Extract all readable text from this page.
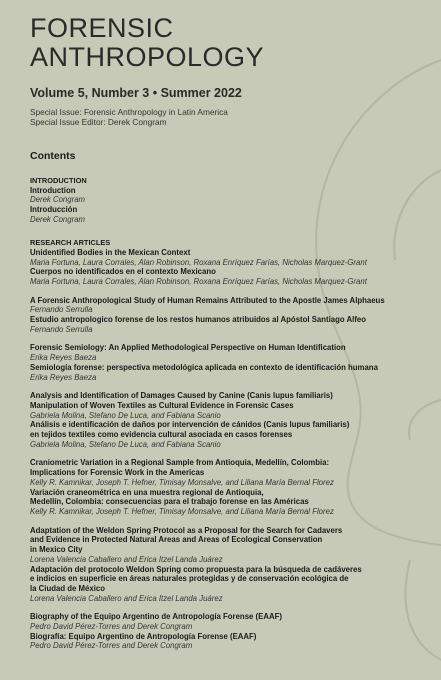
FORENSIC
ANTHROPOLOGY
Volume 5, Number 3 • Summer 2022
Special Issue: Forensic Anthropology in Latin America
Special Issue Editor: Derek Congram
Contents
INTRODUCTION
Introduction
Derek Congram
Introducción
Derek Congram
RESEARCH ARTICLES
Unidentified Bodies in the Mexican Context
Maria Fortuna, Laura Corrales, Alan Robinson, Roxana Enríquez Farías, Nicholas Marquez-Grant
Cuerpos no identificados en el contexto Mexicano
Maria Fortuna, Laura Corrales, Alan Robinson, Roxana Enríquez Farías, Nicholas Marquez-Grant
A Forensic Anthropological Study of Human Remains Attributed to the Apostle James Alphaeus
Fernando Serrulla
Estudio antropologico forense de los restos humanos atribuidos al Apóstol Santiago Alfeo
Fernando Serrulla
Forensic Semiology: An Applied Methodological Perspective on Human Identification
Erika Reyes Baeza
Semiología forense: perspectiva metodológica aplicada en contexto de identificación humana
Erika Reyes Baeza
Analysis and Identification of Damages Caused by Canine (Canis lupus familiaris)
Manipulation of Woven Textiles as Cultural Evidence in Forensic Cases
Gabriela Molina, Stefano De Luca, and Fabiana Scanio
Análisis e identificación de daños por intervención de cánidos (Canis lupus familiaris)
en tejidos textiles como evidencia cultural asociada en casos forenses
Gabriela Molina, Stefano De Luca, and Fabiana Scanio
Craniometric Variation in a Regional Sample from Antioquia, Medellín, Colombia:
Implications for Forensic Work in the Americas
Kelly R. Kamnikar, Joseph T. Hefner, Timisay Monsalve, and Liliana María Bernal Florez
Variación craneométrica en una muestra regional de Antioquia,
Medellín, Colombia: consecuencias para el trabajo forense en las Américas
Kelly R. Kamnikar, Joseph T. Hefner, Timisay Monsalve, and Liliana María Bernal Florez
Adaptation of the Weldon Spring Protocol as a Proposal for the Search for Cadavers
and Evidence in Protected Natural Areas and Areas of Ecological Conservation
in Mexico City
Lorena Valencia Caballero and Erica Itzel Landa Juárez
Adaptación del protocolo Weldon Spring como propuesta para la búsqueda de cadáveres
e indicios en superficie en áreas naturales protegidas y de conservación ecológica de
la Ciudad de México
Lorena Valencia Caballero and Erica Itzel Landa Juárez
Biography of the Equipo Argentino de Antropología Forense (EAAF)
Pedro David Pérez-Torres and Derek Congram
Biografía: Equipo Argentino de Antropología Forense (EAAF)
Pedro David Pérez-Torres and Derek Congram
